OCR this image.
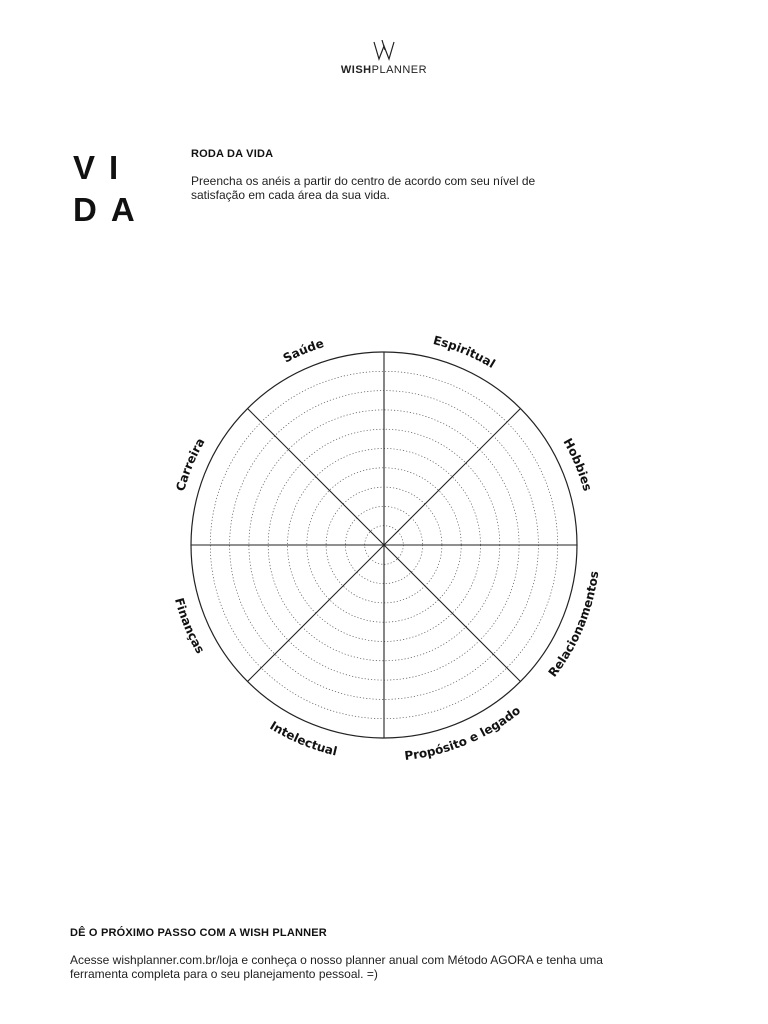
WISHPLANNER
VI
DA
RODA DA VIDA
Preencha os anéis a partir do centro de acordo com seu nível de satisfação em cada área da sua vida.
Espiritual
Hobbies
Relacionamentos
Propósito e legado
Intelectual
Finanças
Carreira
Saúde
DÊ O PRÓXIMO PASSO COM A WISH PLANNER
Acesse wishplanner.com.br/loja e conheça o nosso planner anual com Método AGORA e tenha uma ferramenta completa para o seu planejamento pessoal. =)
